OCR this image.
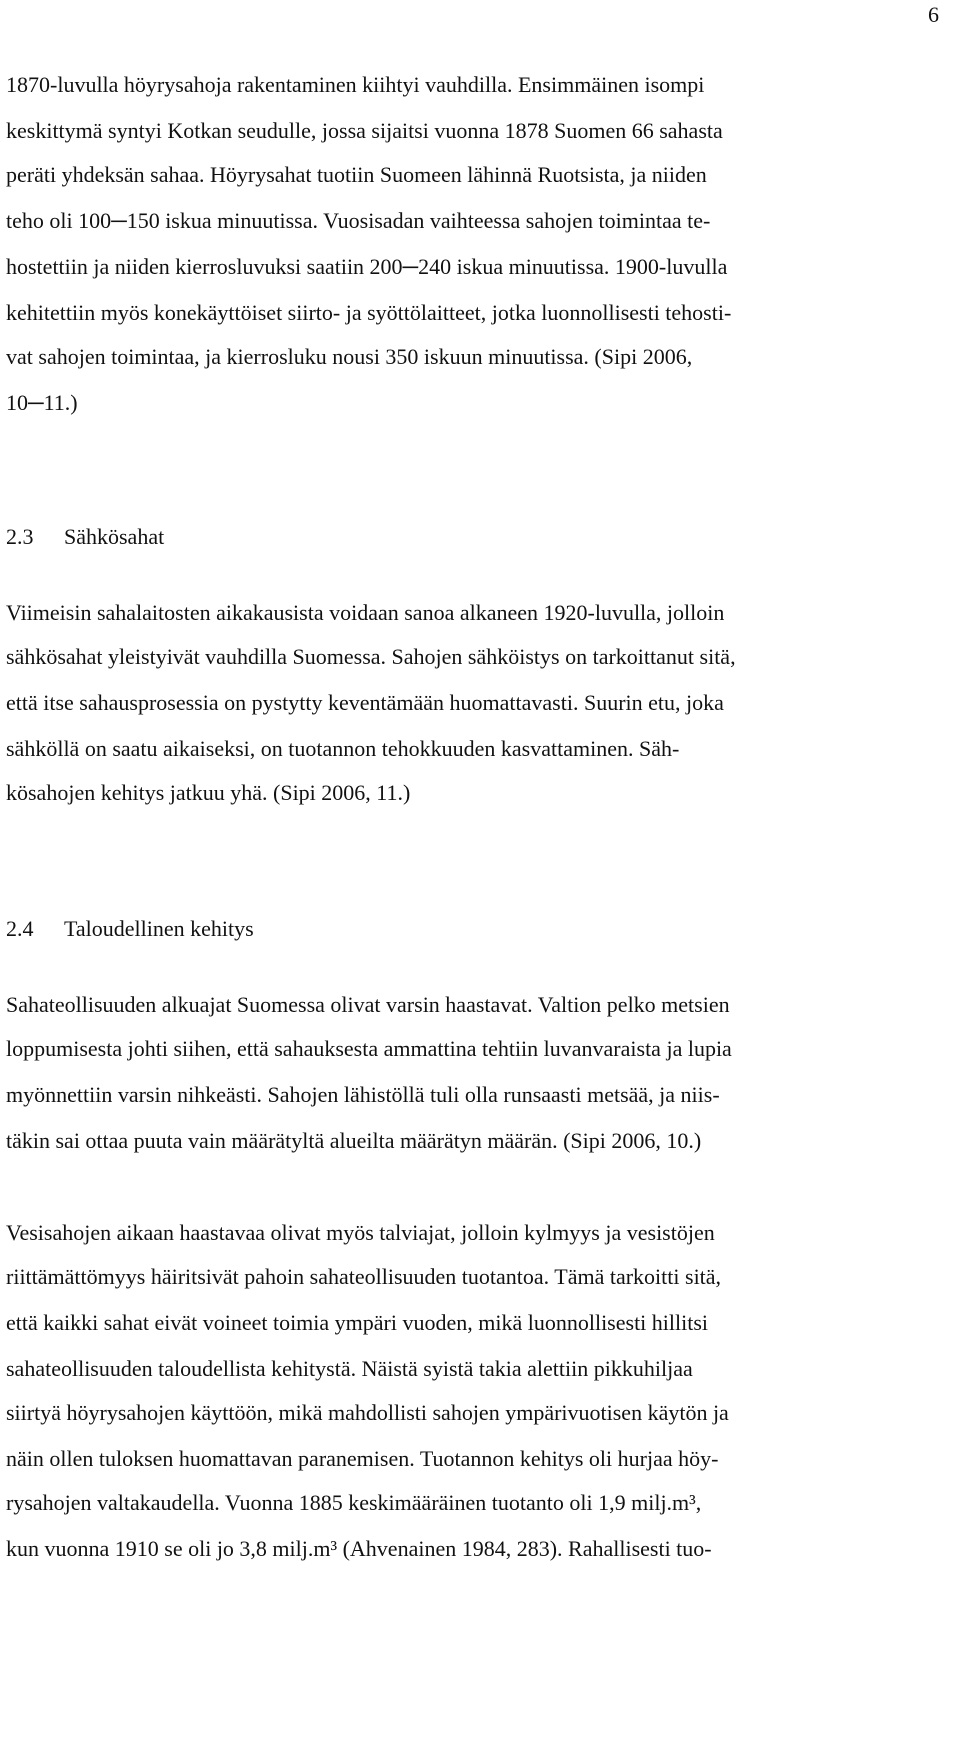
6
1870-luvulla höyrysahoja rakentaminen kiihtyi vauhdilla. Ensimmäinen isompi
keskittymä syntyi Kotkan seudulle, jossa sijaitsi vuonna 1878 Suomen 66 sahasta
peräti yhdeksän sahaa. Höyrysahat tuotiin Suomeen lähinnä Ruotsista, ja niiden
teho oli 100─150 iskua minuutissa. Vuosisadan vaihteessa sahojen toimintaa te-
hostettiin ja niiden kierrosluvuksi saatiin 200─240 iskua minuutissa. 1900-luvulla
kehitettiin myös konekäyttöiset siirto- ja syöttölaitteet, jotka luonnollisesti tehosti-
vat sahojen toimintaa, ja kierrosluku nousi 350 iskuun minuutissa. (Sipi 2006,
10─11.)
2.3 Sähkösahat
Viimeisin sahalaitosten aikakausista voidaan sanoa alkaneen 1920-luvulla, jolloin
sähkösahat yleistyivät vauhdilla Suomessa. Sahojen sähköistys on tarkoittanut sitä,
että itse sahausprosessia on pystytty keventämään huomattavasti. Suurin etu, joka
sähköllä on saatu aikaiseksi, on tuotannon tehokkuuden kasvattaminen. Säh-
kösahojen kehitys jatkuu yhä. (Sipi 2006, 11.)
2.4 Taloudellinen kehitys
Sahateollisuuden alkuajat Suomessa olivat varsin haastavat. Valtion pelko metsien
loppumisesta johti siihen, että sahauksesta ammattina tehtiin luvanvaraista ja lupia
myönnettiin varsin nihkeästi. Sahojen lähistöllä tuli olla runsaasti metsää, ja niis-
täkin sai ottaa puuta vain määrätyltä alueilta määrätyn määrän. (Sipi 2006, 10.)
Vesisahojen aikaan haastavaa olivat myös talviajat, jolloin kylmyys ja vesistöjen
riittämättömyys häiritsivät pahoin sahateollisuuden tuotantoa. Tämä tarkoitti sitä,
että kaikki sahat eivät voineet toimia ympäri vuoden, mikä luonnollisesti hillitsi
sahateollisuuden taloudellista kehitystä. Näistä syistä takia alettiin pikkuhiljaa
siirtyä höyrysahojen käyttöön, mikä mahdollisti sahojen ympärivuotisen käytön ja
näin ollen tuloksen huomattavan paranemisen. Tuotannon kehitys oli hurjaa höy-
rysahojen valtakaudella. Vuonna 1885 keskimääräinen tuotanto oli 1,9 milj.m³,
kun vuonna 1910 se oli jo 3,8 milj.m³ (Ahvenainen 1984, 283). Rahallisesti tuo-
